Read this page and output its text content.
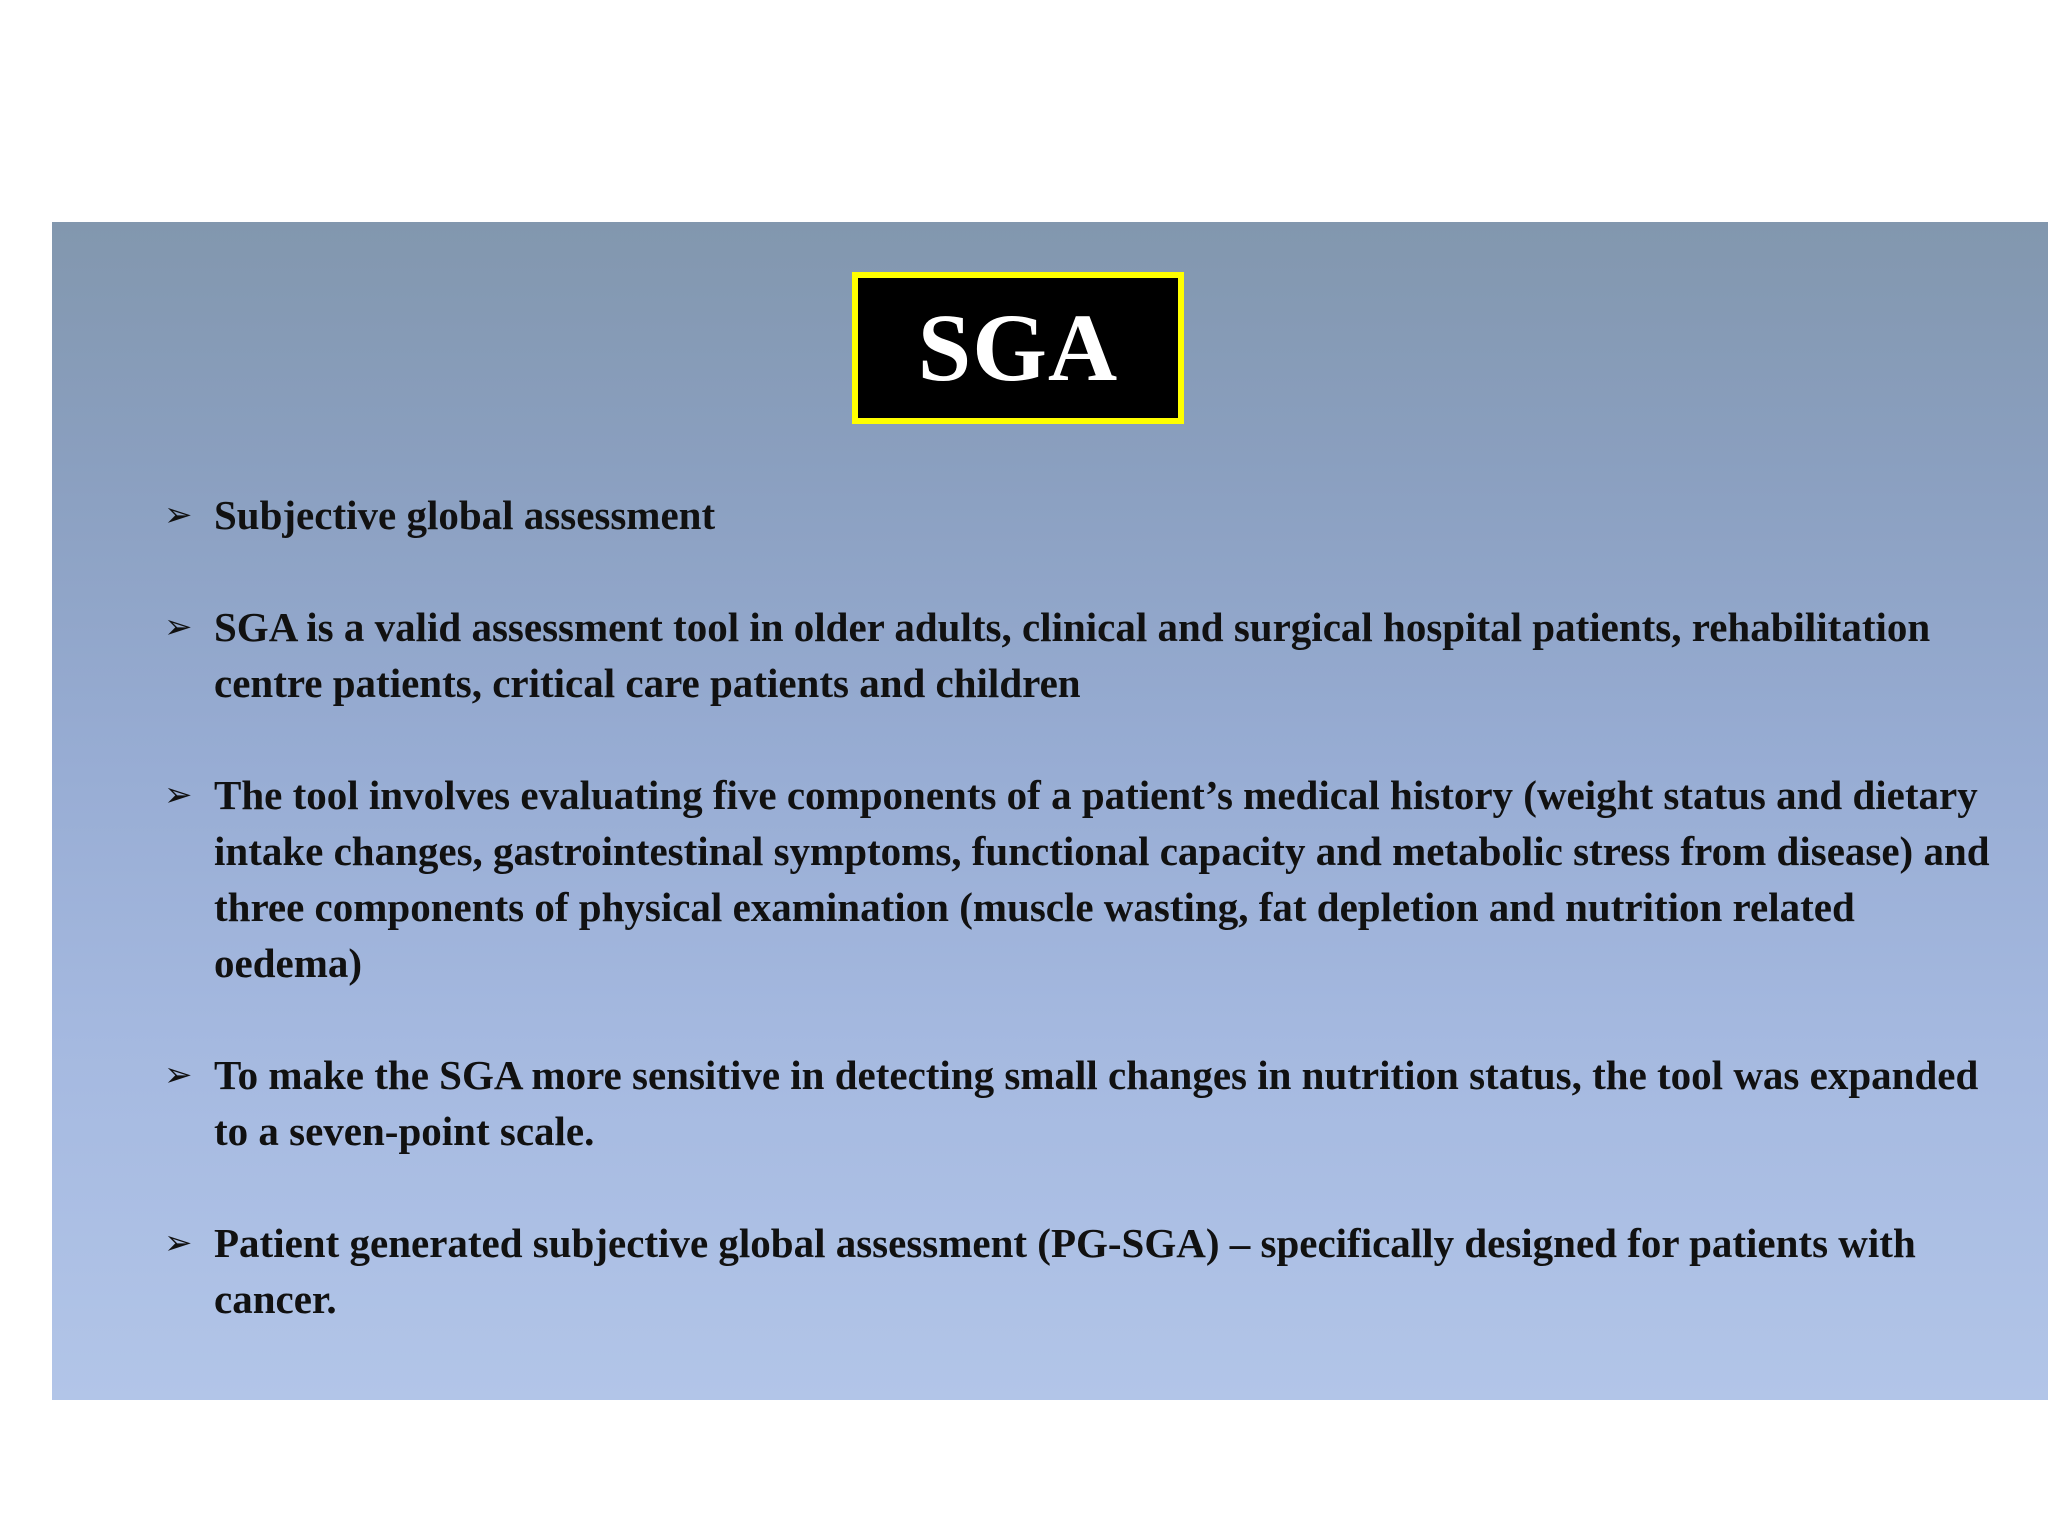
SGA
➢ Subjective global assessment
➢ SGA is a valid assessment tool in older adults, clinical and surgical hospital patients, rehabilitation centre patients, critical care patients and children
➢ The tool involves evaluating five components of a patient’s medical history (weight status and dietary intake changes, gastrointestinal symptoms, functional capacity and metabolic stress from disease) and three components of physical examination (muscle wasting, fat depletion and nutrition related oedema)
➢ To make the SGA more sensitive in detecting small changes in nutrition status, the tool was expanded to a seven-point scale.
➢ Patient generated subjective global assessment (PG-SGA) – specifically designed for patients with cancer.
